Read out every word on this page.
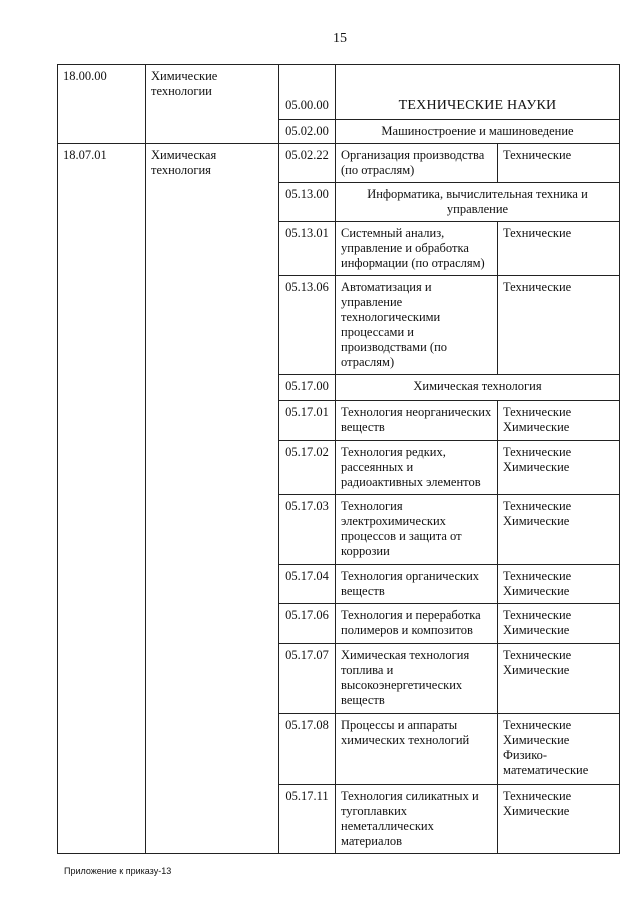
15
18.00.00	Химические технологии	05.00.00	ТЕХНИЧЕСКИЕ НАУКИ	
		05.02.00	Машиностроение и машиноведение	
18.07.01	Химическая технология	05.02.22	Организация производства (по отраслям)	Технические
		05.13.00	Информатика, вычислительная техника и управление	
		05.13.01	Системный анализ, управление и обработка информации (по отраслям)	Технические
		05.13.06	Автоматизация и управление технологическими процессами и производствами (по отраслям)	Технические
		05.17.00	Химическая технология	
		05.17.01	Технология неорганических веществ	Технические Химические
		05.17.02	Технология редких, рассеянных и радиоактивных элементов	Технические Химические
		05.17.03	Технология электрохимических процессов и защита от коррозии	Технические Химические
		05.17.04	Технология органических веществ	Технические Химические
		05.17.06	Технология и переработка полимеров и композитов	Технические Химические
		05.17.07	Химическая технология топлива и высокоэнергетических веществ	Технические Химические
		05.17.08	Процессы и аппараты химических технологий	Технические Химические Физико-математические
		05.17.11	Технология силикатных и тугоплавких неметаллических материалов	Технические Химические
Приложение к приказу-13
